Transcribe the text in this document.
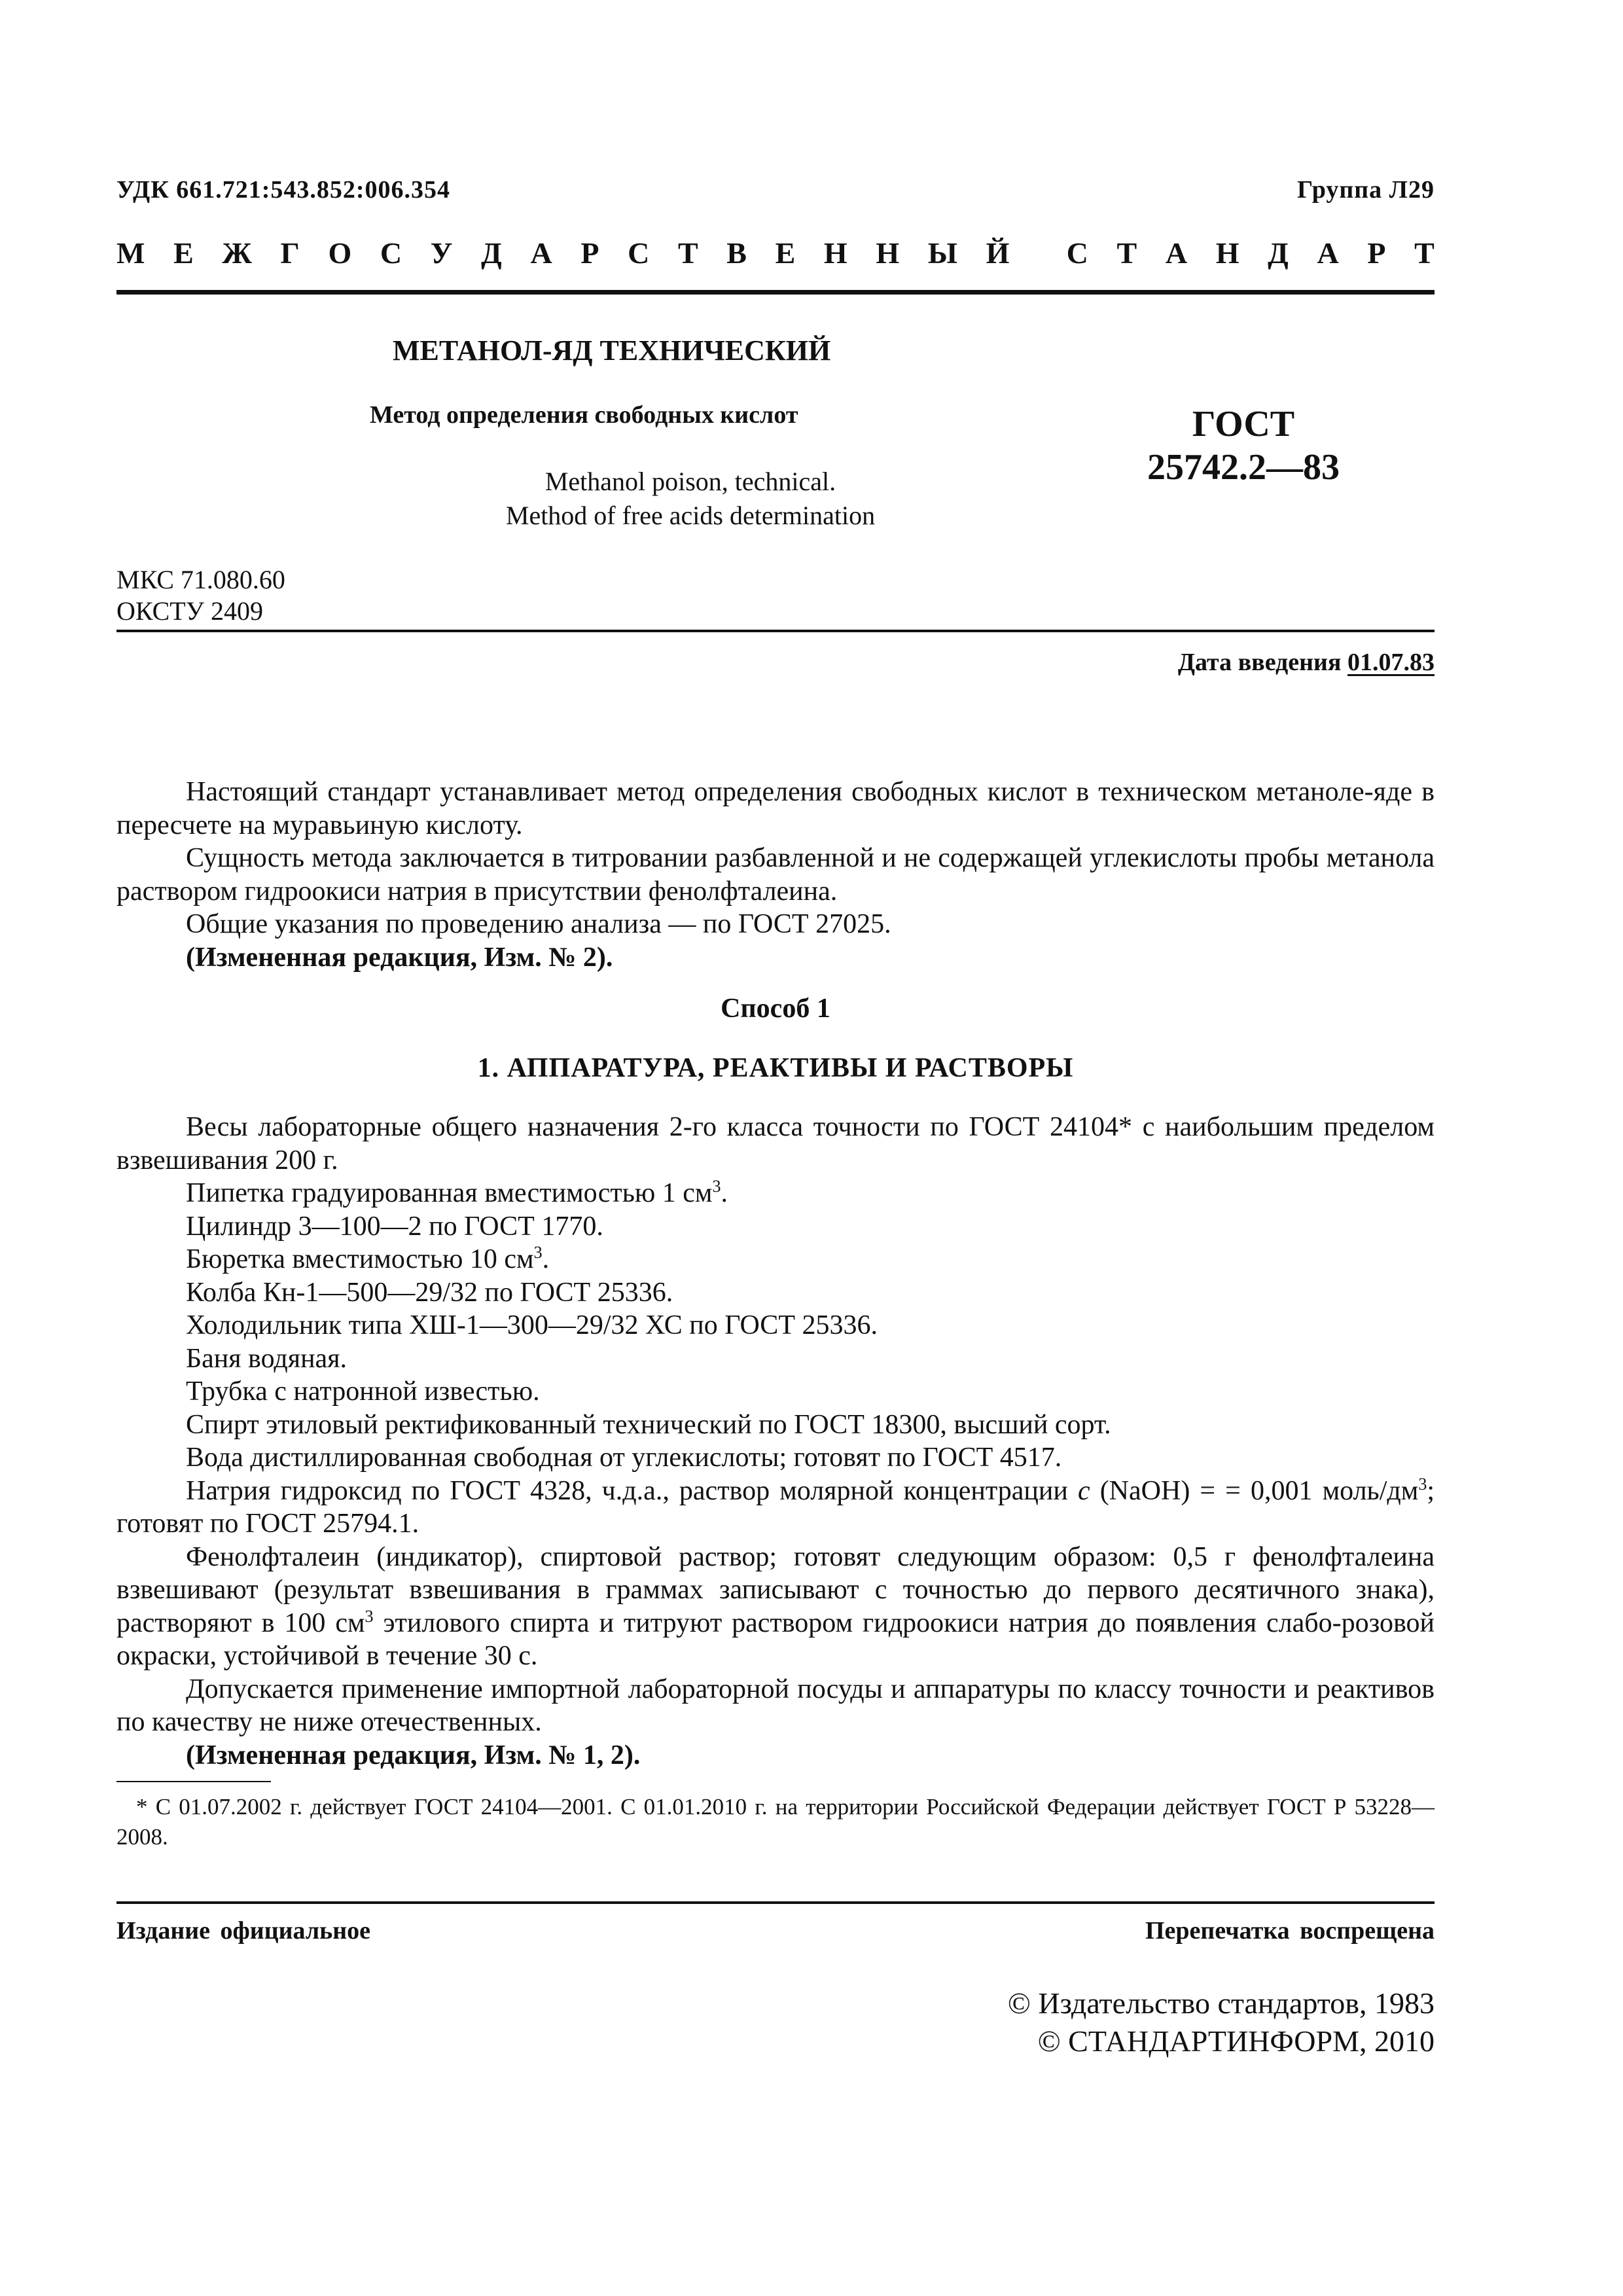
УДК 661.721:543.852:006.354	Группа Л29
М Е Ж Г О С У Д А Р С Т В Е Н Н Ы Й С Т А Н Д А Р Т
МЕТАНОЛ-ЯД ТЕХНИЧЕСКИЙ
Метод определения свободных кислот
Methanol poison, technical.
Method of free acids determination
ГОСТ
25742.2—83
МКС 71.080.60
ОКСТУ 2409
Дата введения 01.07.83

Настоящий стандарт устанавливает метод определения свободных кислот в техническом метаноле-яде в пересчете на муравьиную кислоту.

Сущность метода заключается в титровании разбавленной и не содержащей углекислоты пробы метанола раствором гидроокиси натрия в присутствии фенолфталеина.

Общие указания по проведению анализа — по ГОСТ 27025.

(Измененная редакция, Изм. № 2).

Способ 1

1. АППАРАТУРА, РЕАКТИВЫ И РАСТВОРЫ

Весы лабораторные общего назначения 2-го класса точности по ГОСТ 24104* с наибольшим пределом взвешивания 200 г.

Пипетка градуированная вместимостью 1 $см^3$.

Цилиндр 3—100—2 по ГОСТ 1770.

Бюретка вместимостью 10 $см^3$.

Колба Кн-1—500—29/32 по ГОСТ 25336.

Холодильник типа ХШ-1—300—29/32 ХС по ГОСТ 25336.

Баня водяная.

Трубка с натронной известью.

Спирт этиловый ректификованный технический по ГОСТ 18300, высший сорт.

Вода дистиллированная свободная от углекислоты; готовят по ГОСТ 4517.

Натрия гидроксид по ГОСТ 4328, ч.д.а., раствор молярной концентрации c (NaOH) = = 0,001 моль/$дм^3$; готовят по ГОСТ 25794.1.

Фенолфталеин (индикатор), спиртовой раствор; готовят следующим образом: 0,5 г фенолфталеина взвешивают (результат взвешивания в граммах записывают с точностью до первого десятичного знака), растворяют в 100 $см^3$ этилового спирта и титруют раствором гидроокиси натрия до появления слабо-розовой окраски, устойчивой в течение 30 с.

Допускается применение импортной лабораторной посуды и аппаратуры по классу точности и реактивов по качеству не ниже отечественных.

(Измененная редакция, Изм. № 1, 2).

* С 01.07.2002 г. действует ГОСТ 24104—2001. С 01.01.2010 г. на территории Российской Федерации действует ГОСТ Р 53228—2008.
Издание официальное	Перепечатка воспрещена
© Издательство стандартов, 1983
© СТАНДАРТИНФОРМ, 2010
